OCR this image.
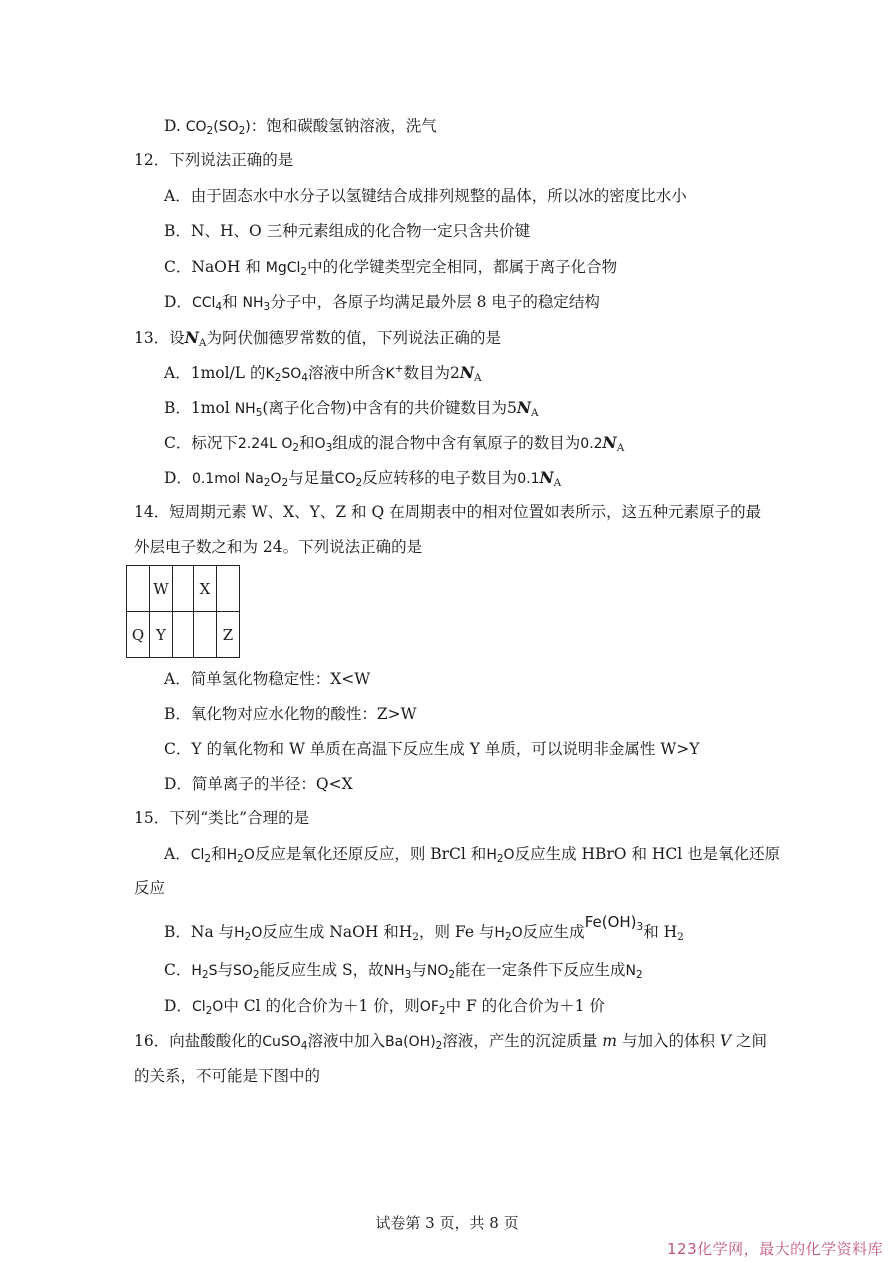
D. $CO_2(SO_2)$：饱和碳酸氢钠溶液，洗气
12．下列说法正确的是
A．由于固态水中水分子以氢键结合成排列规整的晶体，所以冰的密度比水小
B．N、H、O 三种元素组成的化合物一定只含共价键
C．NaOH 和 MgCl$_2$中的化学键类型完全相同，都属于离子化合物
D．CCl$_4$和 $NH_3$分子中，各原子均满足最外层 8 电子的稳定结构
13．设$N_A$为阿伏伽德罗常数的值，下列说法正确的是
A．1mol/L 的$K_2SO_4$溶液中所含K+数目为$2N_A$
B．1mol $NH_5$(离子化合物)中含有的共价键数目为$5N_A$
C．标况下2.24L $O_2$和$O_3$组成的混合物中含有氧原子的数目为$0.2N_A$
D．0.1mol $Na_2O_2$与足量$CO_2$反应转移的电子数目为$0.1N_A$
14．短周期元素 W、X、Y、Z 和 Q 在周期表中的相对位置如表所示，这五种元素原子的最
外层电子数之和为 24。下列说法正确的是
	W		X	
Q	Y			Z
A．简单氢化物稳定性：X<W
B．氧化物对应水化物的酸性：Z>W
C．Y 的氧化物和 W 单质在高温下反应生成 Y 单质，可以说明非金属性 W>Y
D．简单离子的半径：Q<X
15．下列“类比”合理的是
A．$Cl_2$和$H_2O$反应是氧化还原反应，则 BrCl 和$H_2O$反应生成 HBrO 和 HCl 也是氧化还原
反应
B．Na 与$H_2O$反应生成 NaOH 和$H_2$，则 Fe 与$H_2O$反应生成$Fe(OH)_3$和 $H_2$
C．$H_2S$与$SO_2$能反应生成 S，故$NH_3$与$NO_2$能在一定条件下反应生成$N_2$
D．$Cl_2O$中 Cl 的化合价为＋1 价，则$OF_2$中 F 的化合价为＋1 价
16．向盐酸酸化的CuSO$_4$溶液中加入$Ba(OH)_2$溶液，产生的沉淀质量 m 与加入的体积 V 之间
的关系，不可能是下图中的
试卷第 3 页，共 8 页
123化学网，最大的化学资料库
